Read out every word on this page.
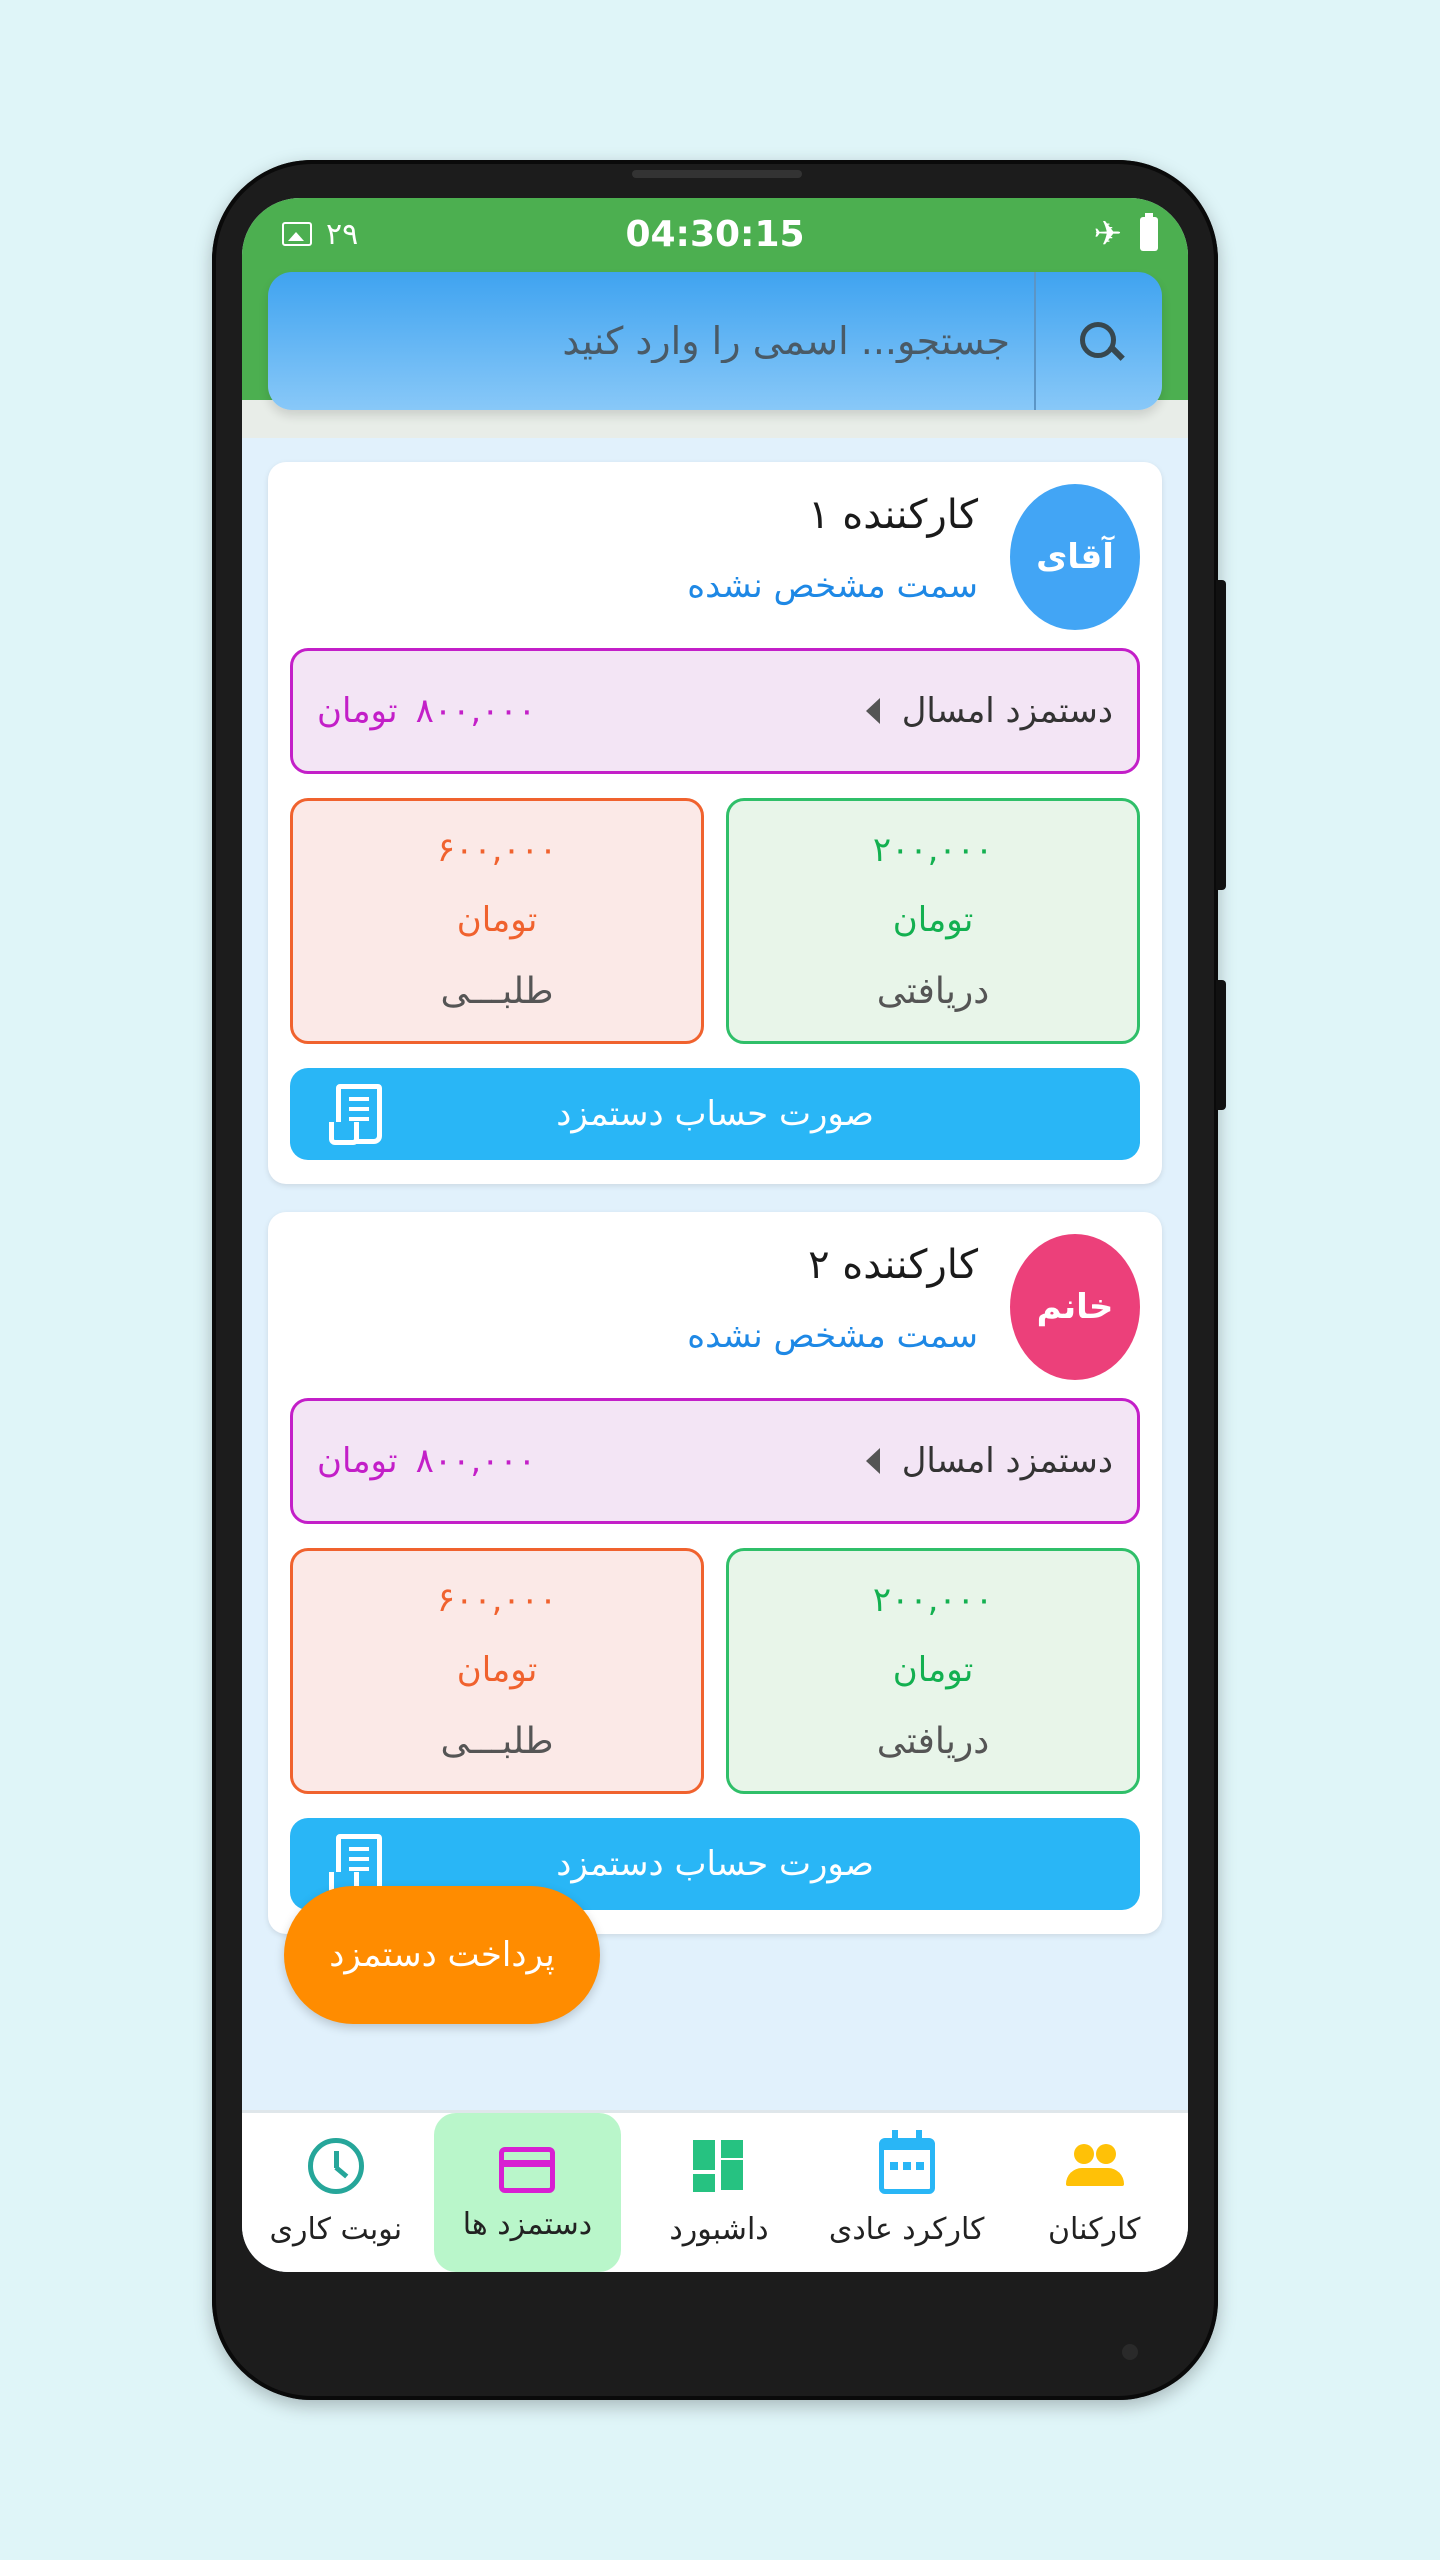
۲۹	04:30:15	✈
جستجو... اسمی را وارد کنید
آقای
کارکننده ۱
سمت مشخص نشده
دستمزد امسال
۸۰۰,۰۰۰
تومان
۲۰۰,۰۰۰
تومان
دریافتی
۶۰۰,۰۰۰
تومان
طلبـــی
صورت حساب دستمزد
خانم
کارکننده ۲
سمت مشخص نشده
دستمزد امسال
۸۰۰,۰۰۰
تومان
۲۰۰,۰۰۰
تومان
دریافتی
۶۰۰,۰۰۰
تومان
طلبـــی
صورت حساب دستمزد
پرداخت دستمزد
کارکنان
کارکرد عادی
داشبورد
دستمزد ها
نوبت کاری
